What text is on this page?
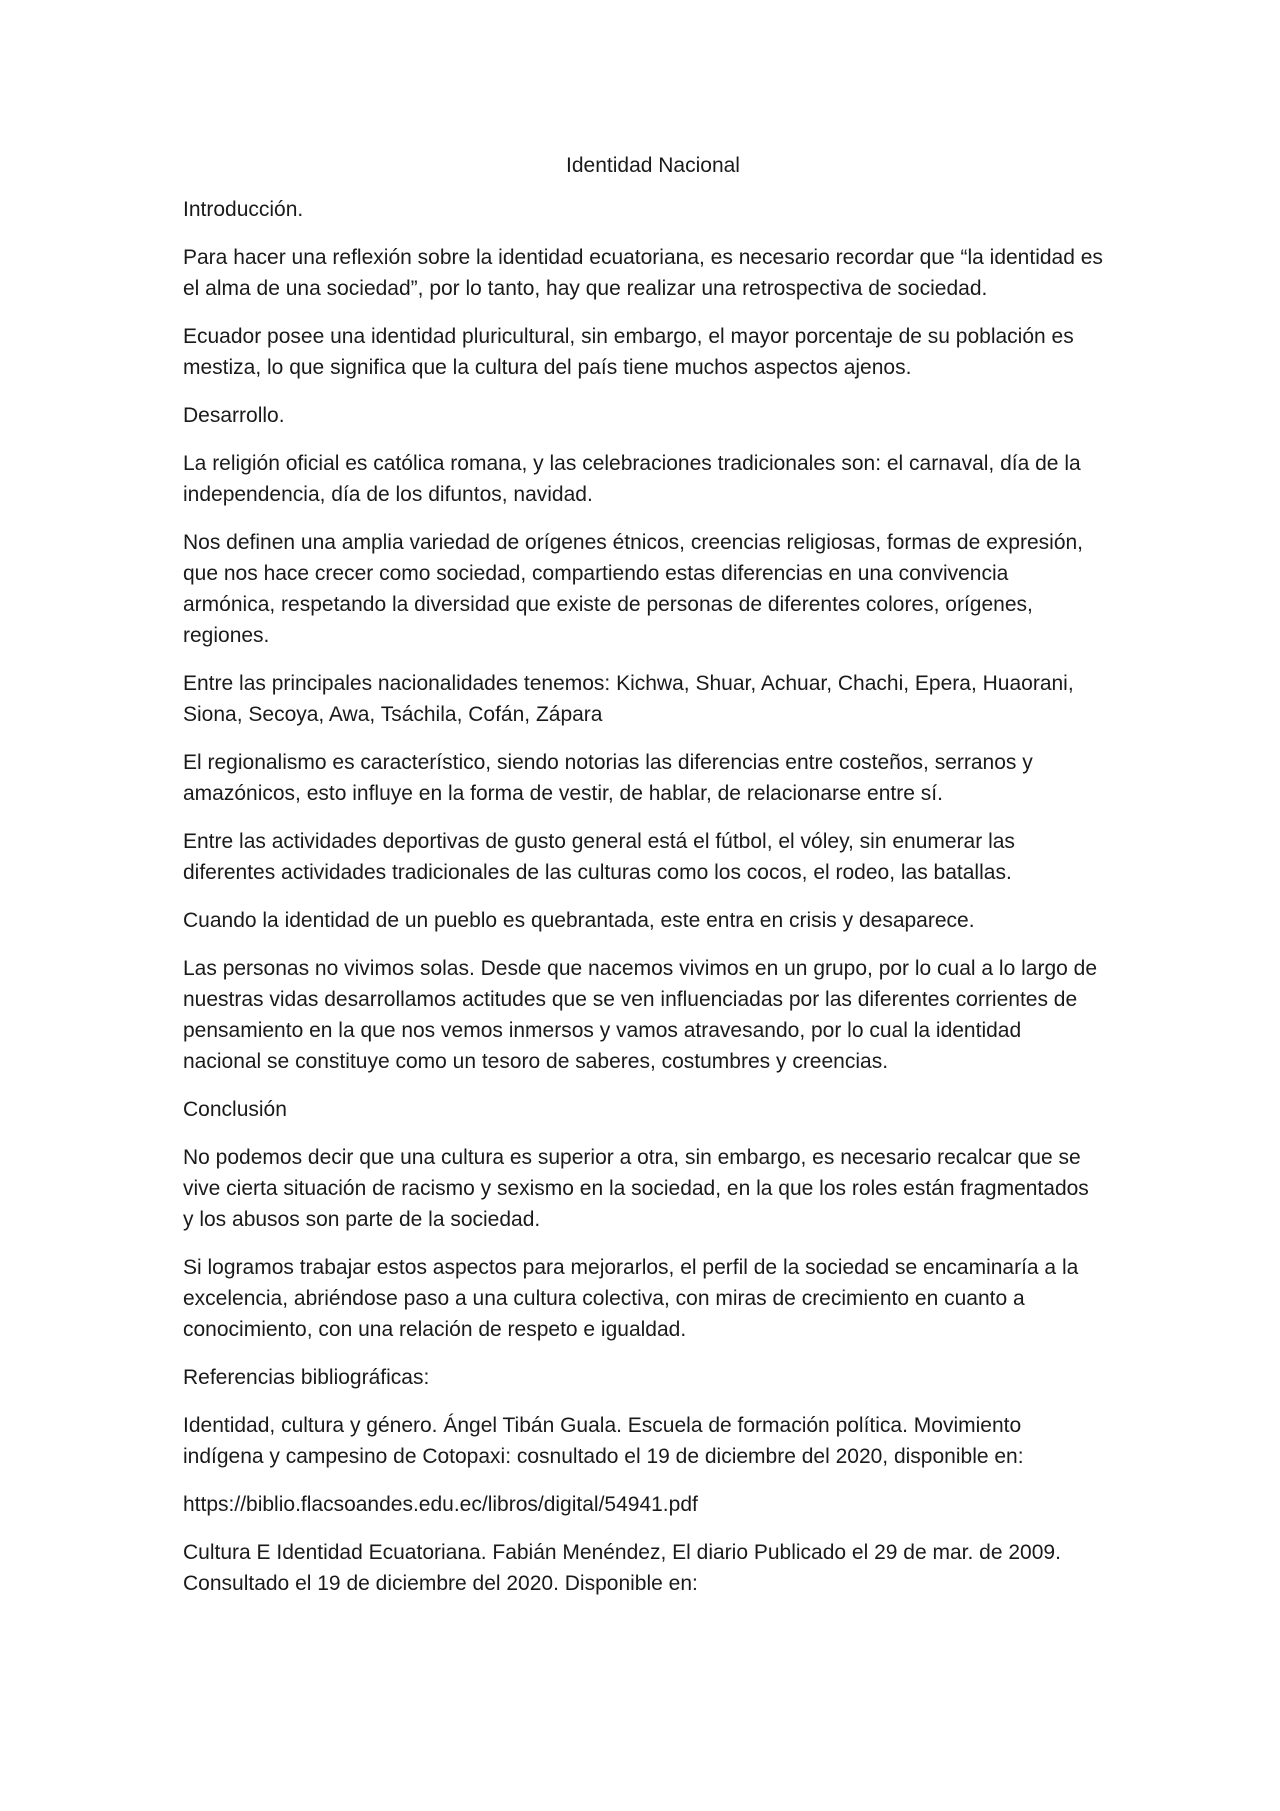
Identidad Nacional

Introducción.

Para hacer una reflexión sobre la identidad ecuatoriana, es necesario recordar que “la identidad es el alma de una sociedad”, por lo tanto, hay que realizar una retrospectiva de sociedad.

Ecuador posee una identidad pluricultural, sin embargo, el mayor porcentaje de su población es mestiza, lo que significa que la cultura del país tiene muchos aspectos ajenos.

Desarrollo.

La religión oficial es católica romana, y las celebraciones tradicionales son: el carnaval, día de la independencia, día de los difuntos, navidad.

Nos definen una amplia variedad de orígenes étnicos, creencias religiosas, formas de expresión, que nos hace crecer como sociedad, compartiendo estas diferencias en una convivencia armónica, respetando la diversidad que existe de personas de diferentes colores, orígenes, regiones.

Entre las principales nacionalidades tenemos: Kichwa, Shuar, Achuar, Chachi, Epera, Huaorani, Siona, Secoya, Awa, Tsáchila, Cofán, Zápara

El regionalismo es característico, siendo notorias las diferencias entre costeños, serranos y amazónicos, esto influye en la forma de vestir, de hablar, de relacionarse entre sí.

Entre las actividades deportivas de gusto general está el fútbol, el vóley, sin enumerar las diferentes actividades tradicionales de las culturas como los cocos, el rodeo, las batallas.

Cuando la identidad de un pueblo es quebrantada, este entra en crisis y desaparece.

Las personas no vivimos solas. Desde que nacemos vivimos en un grupo, por lo cual a lo largo de nuestras vidas desarrollamos actitudes que se ven influenciadas por las diferentes corrientes de pensamiento en la que nos vemos inmersos y vamos atravesando, por lo cual la identidad nacional se constituye como un tesoro de saberes, costumbres y creencias.

Conclusión

No podemos decir que una cultura es superior a otra, sin embargo, es necesario recalcar que se vive cierta situación de racismo y sexismo en la sociedad, en la que los roles están fragmentados y los abusos son parte de la sociedad.

Si logramos trabajar estos aspectos para mejorarlos, el perfil de la sociedad se encaminaría a la excelencia, abriéndose paso a una cultura colectiva, con miras de crecimiento en cuanto a conocimiento, con una relación de respeto e igualdad.

Referencias bibliográficas:

Identidad, cultura y género. Ángel Tibán Guala. Escuela de formación política. Movimiento indígena y campesino de Cotopaxi: cosnultado el 19 de diciembre del 2020, disponible en:

https://biblio.flacsoandes.edu.ec/libros/digital/54941.pdf

Cultura E Identidad Ecuatoriana. Fabián Menéndez, El diario Publicado el 29 de mar. de 2009. Consultado el 19 de diciembre del 2020. Disponible en:
